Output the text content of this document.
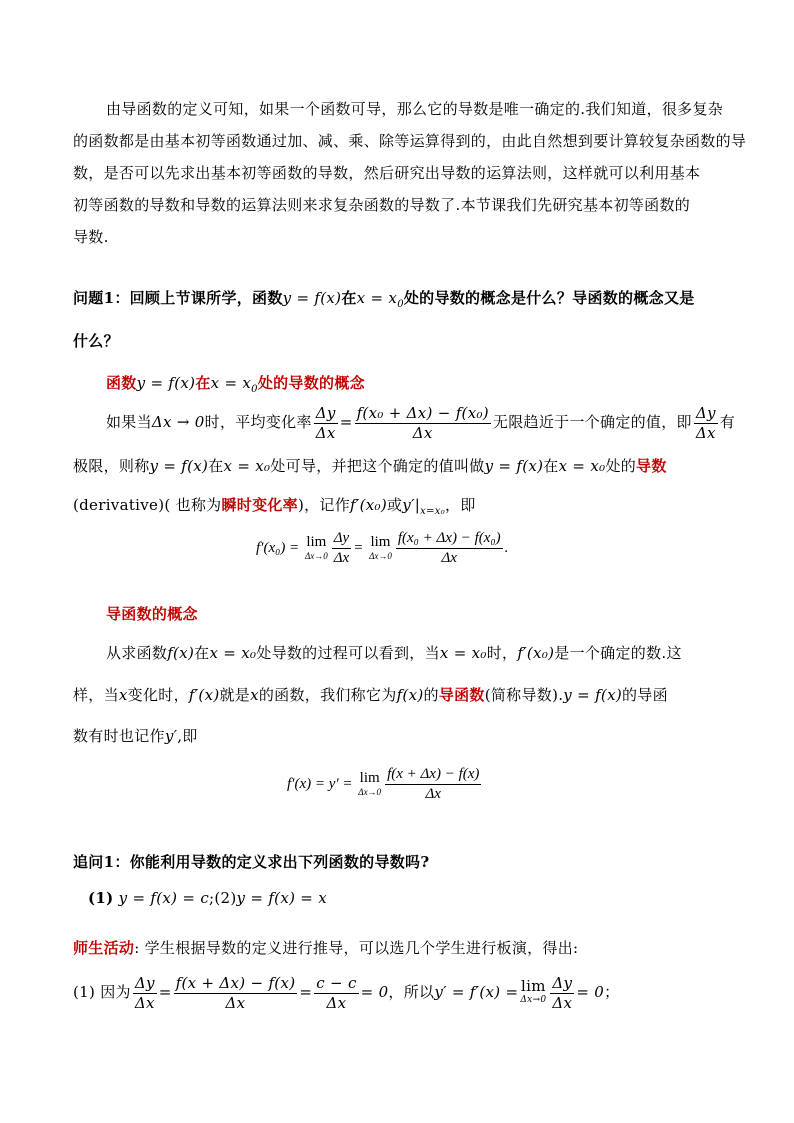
由导函数的定义可知，如果一个函数可导，那么它的导数是唯一确定的.我们知道，很多复杂
的函数都是由基本初等函数通过加、减、乘、除等运算得到的，由此自然想到要计算较复杂函数的导
数，是否可以先求出基本初等函数的导数，然后研究出导数的运算法则，这样就可以利用基本
初等函数的导数和导数的运算法则来求复杂函数的导数了.本节课我们先研究基本初等函数的
导数.
问题1：回顾上节课所学，函数y = f(x)在$x = x_0$处的导数的概念是什么？导函数的概念又是
什么？
函数y = f(x)在$x = x_0$处的导数的概念
如果当Δx → 0时，平均变化率 $\frac{\Delta y}{\Delta x} = \frac{\text{f(x₀ + Δx) − f(x₀)}}{\Delta x}$ 无限趋近于一个确定的值，即 $\frac{\Delta y}{\Delta x}$ 有
极限，则称y = f(x)在x = x₀处可导，并把这个确定的值叫做y = f(x)在x = x₀处的导数
(derivative)( 也称为瞬时变化率)，记作f′(x₀)或$y'|_{x=x_0}$，即
f′(x₀) = lim
$\Delta x\to 0 \frac{\Delta y}{\Delta x} = \lim$
$\Delta x\to 0 \frac{\text{f(x₀ + Δx) − f(x₀)}}{\Delta x}$ .
导函数的概念
从求函数f(x)在x = x₀处导数的过程可以看到，当x = x₀时，f′(x₀)是一个确定的数.这
样，当x变化时，f′(x)就是x的函数，我们称它为f(x)的导函数(简称导数).y = f(x)的导函
数有时也记作y′,即
f′(x) = y′ = lim
$\Delta x\to 0 \frac{f(x + \Delta x) - f(x)}{\Delta x}$
追问1：你能利用导数的定义求出下列函数的导数吗?
(1) y = f(x) = c;(2)y = f(x) = x
师生活动: 学生根据导数的定义进行推导，可以选几个学生进行板演，得出:
(1) 因为 $\frac{\Delta y}{\Delta x} = \frac{f(x + \Delta x) - f(x)}{\Delta x} = \frac{c - c}{\Delta x} = 0$，所以y′ = f′(x) = lim
$\Delta x\to 0 \frac{\Delta y}{\Delta x} = 0$；
